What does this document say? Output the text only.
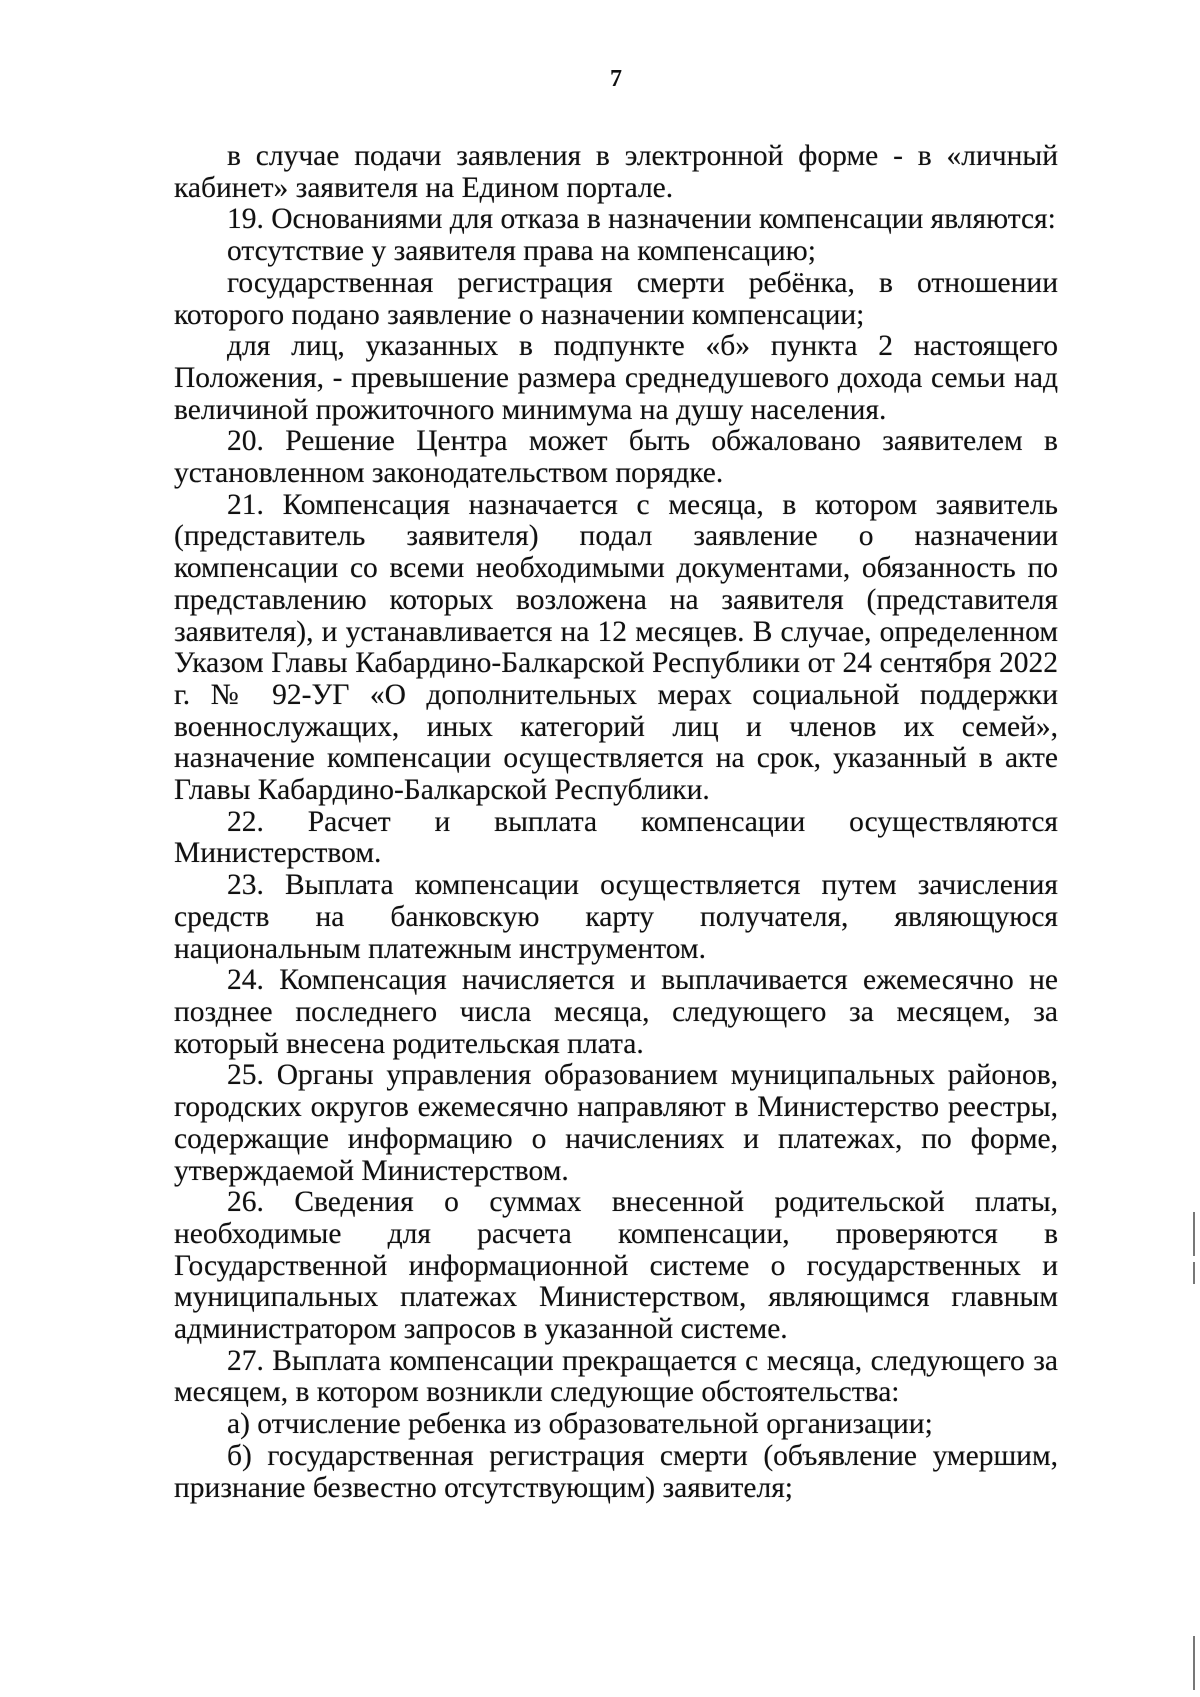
7

в случае подачи заявления в электронной форме - в «личный кабинет» заявителя на Едином портале.

19. Основаниями для отказа в назначении компенсации являются:

отсутствие у заявителя права на компенсацию;

государственная регистрация смерти ребёнка, в отношении которого подано заявление о назначении компенсации;

для лиц, указанных в подпункте «б» пункта 2 настоящего Положения, - превышение размера среднедушевого дохода семьи над величиной прожиточного минимума на душу населения.

20. Решение Центра может быть обжаловано заявителем в установленном законодательством порядке.

21. Компенсация назначается с месяца, в котором заявитель (представитель заявителя) подал заявление о назначении компенсации со всеми необходимыми документами, обязанность по представлению которых возложена на заявителя (представителя заявителя), и устанавливается на 12 месяцев. В случае, определенном Указом Главы Кабардино-Балкарской Республики от 24 сентября 2022 г. № 92-УГ «О дополнительных мерах социальной поддержки военнослужащих, иных категорий лиц и членов их семей», назначение компенсации осуществляется на срок, указанный в акте Главы Кабардино-Балкарской Республики.

22. Расчет и выплата компенсации осуществляются Министерством.

23. Выплата компенсации осуществляется путем зачисления средств на банковскую карту получателя, являющуюся национальным платежным инструментом.

24. Компенсация начисляется и выплачивается ежемесячно не позднее последнего числа месяца, следующего за месяцем, за который внесена родительская плата.

25. Органы управления образованием муниципальных районов, городских округов ежемесячно направляют в Министерство реестры, содержащие информацию о начислениях и платежах, по форме, утверждаемой Министерством.

26. Сведения о суммах внесенной родительской платы, необходимые для расчета компенсации, проверяются в Государственной информационной системе о государственных и муниципальных платежах Министерством, являющимся главным администратором запросов в указанной системе.

27. Выплата компенсации прекращается с месяца, следующего за месяцем, в котором возникли следующие обстоятельства:

а) отчисление ребенка из образовательной организации;

б) государственная регистрация смерти (объявление умершим, признание безвестно отсутствующим) заявителя;
